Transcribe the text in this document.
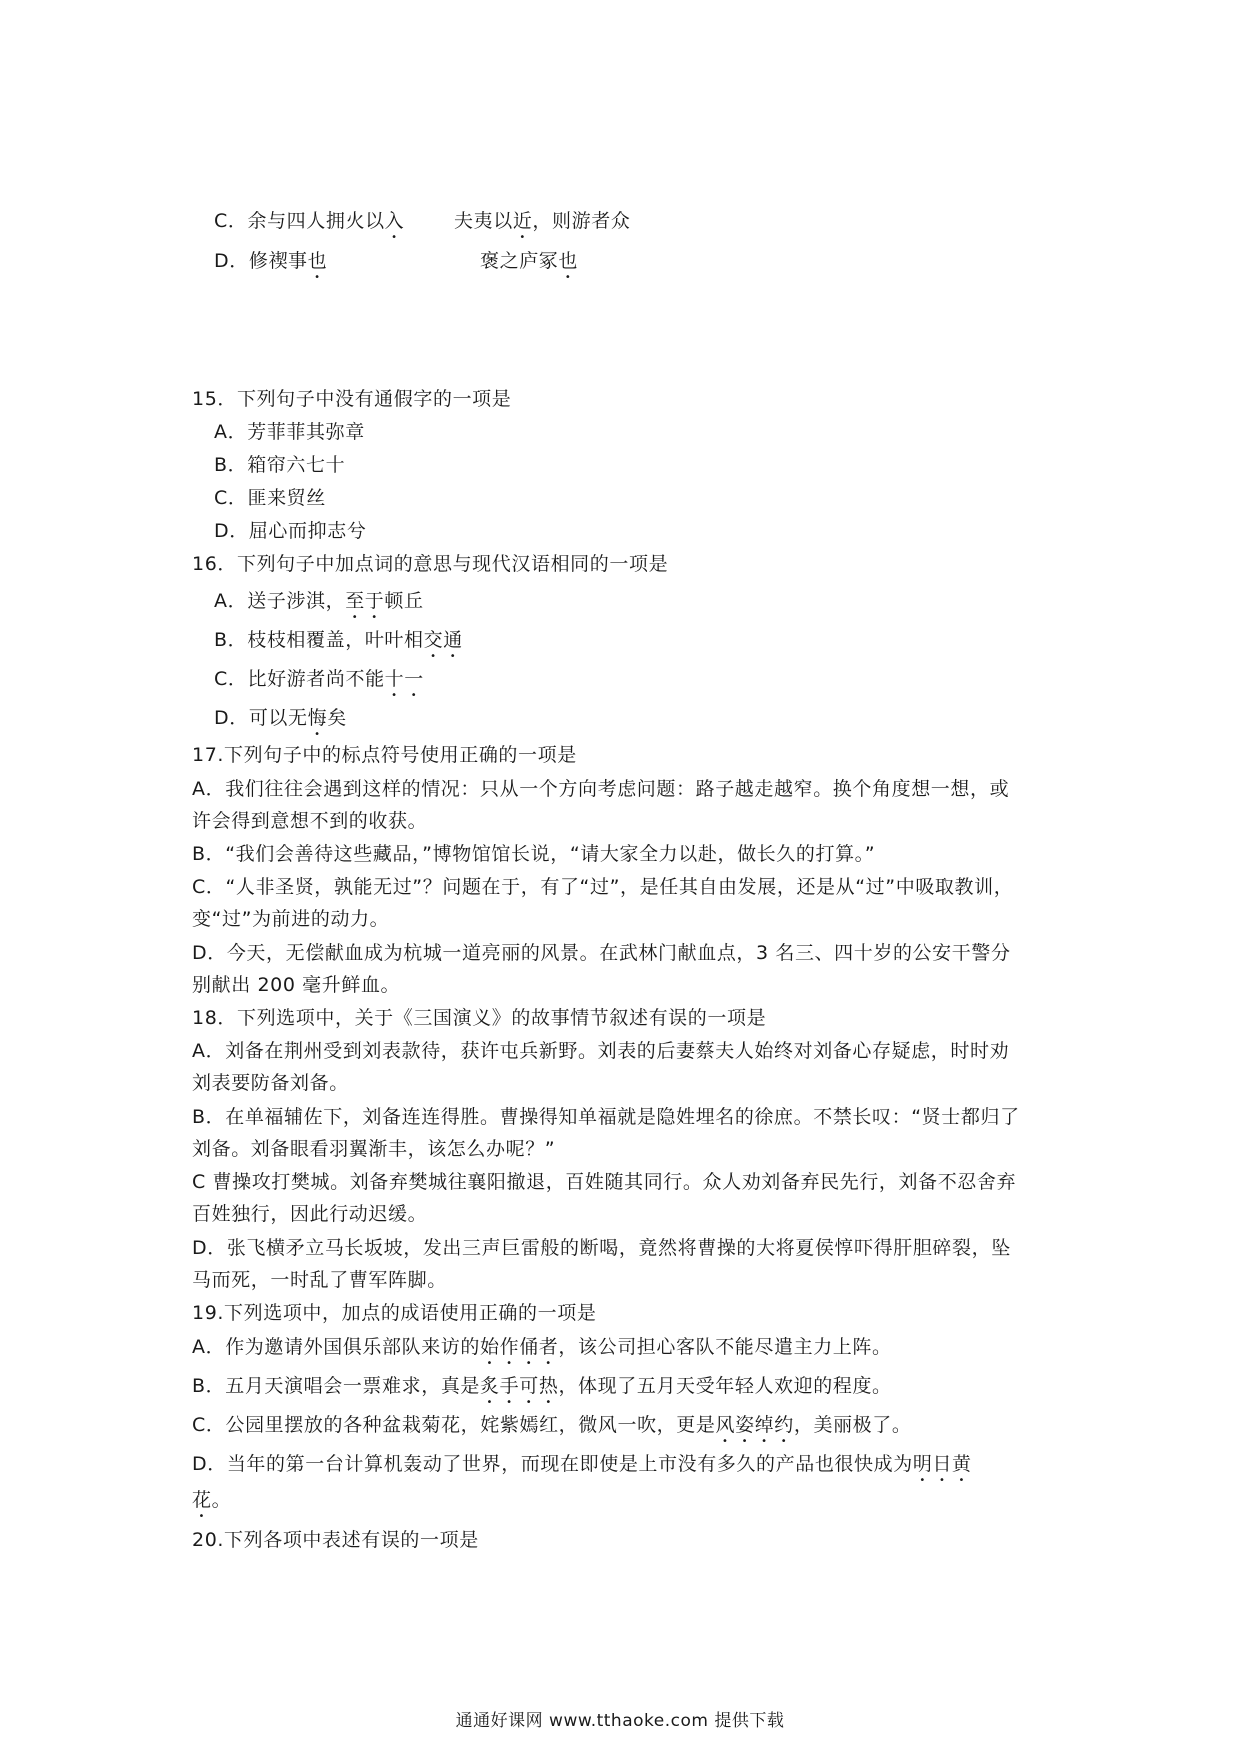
C．余与四人拥火以入	夫夷以近，则游者众
D．修禊事也	褒之庐冢也
15．下列句子中没有通假字的一项是
A．芳菲菲其弥章
B．箱帘六七十
C．匪来贸丝
D．屈心而抑志兮
16．下列句子中加点词的意思与现代汉语相同的一项是
A．送子涉淇，至于顿丘
B．枝枝相覆盖，叶叶相交通
C．比好游者尚不能十一
D．可以无悔矣
17.下列句子中的标点符号使用正确的一项是
A．我们往往会遇到这样的情况：只从一个方向考虑问题：路子越走越窄。换个角度想一想，或
许会得到意想不到的收获。
B．“我们会善待这些藏品，”博物馆馆长说，“请大家全力以赴，做长久的打算。”
C．“人非圣贤，孰能无过”？问题在于，有了“过”，是任其自由发展，还是从“过”中吸取教训，
变“过”为前进的动力。
D．今天，无偿献血成为杭城一道亮丽的风景。在武林门献血点，3 名三、四十岁的公安干警分
别献出 200 毫升鲜血。
18．下列选项中，关于《三国演义》的故事情节叙述有误的一项是
A．刘备在荆州受到刘表款待，获许屯兵新野。刘表的后妻蔡夫人始终对刘备心存疑虑，时时劝
刘表要防备刘备。
B．在单福辅佐下，刘备连连得胜。曹操得知单福就是隐姓埋名的徐庶。不禁长叹：“贤士都归了
刘备。刘备眼看羽翼渐丰，该怎么办呢？”
C 曹操攻打樊城。刘备弃樊城往襄阳撤退，百姓随其同行。众人劝刘备弃民先行，刘备不忍舍弃
百姓独行，因此行动迟缓。
D．张飞横矛立马长坂坡，发出三声巨雷般的断喝，竟然将曹操的大将夏侯惇吓得肝胆碎裂，坠
马而死，一时乱了曹军阵脚。
19.下列选项中，加点的成语使用正确的一项是
A．作为邀请外国俱乐部队来访的始作俑者，该公司担心客队不能尽遣主力上阵。
B．五月天演唱会一票难求，真是炙手可热，体现了五月天受年轻人欢迎的程度。
C．公园里摆放的各种盆栽菊花，姹紫嫣红，微风一吹，更是风姿绰约，美丽极了。
D．当年的第一台计算机轰动了世界，而现在即使是上市没有多久的产品也很快成为明日黄
花。
20.下列各项中表述有误的一项是
通通好课网 www.tthaoke.com 提供下载
